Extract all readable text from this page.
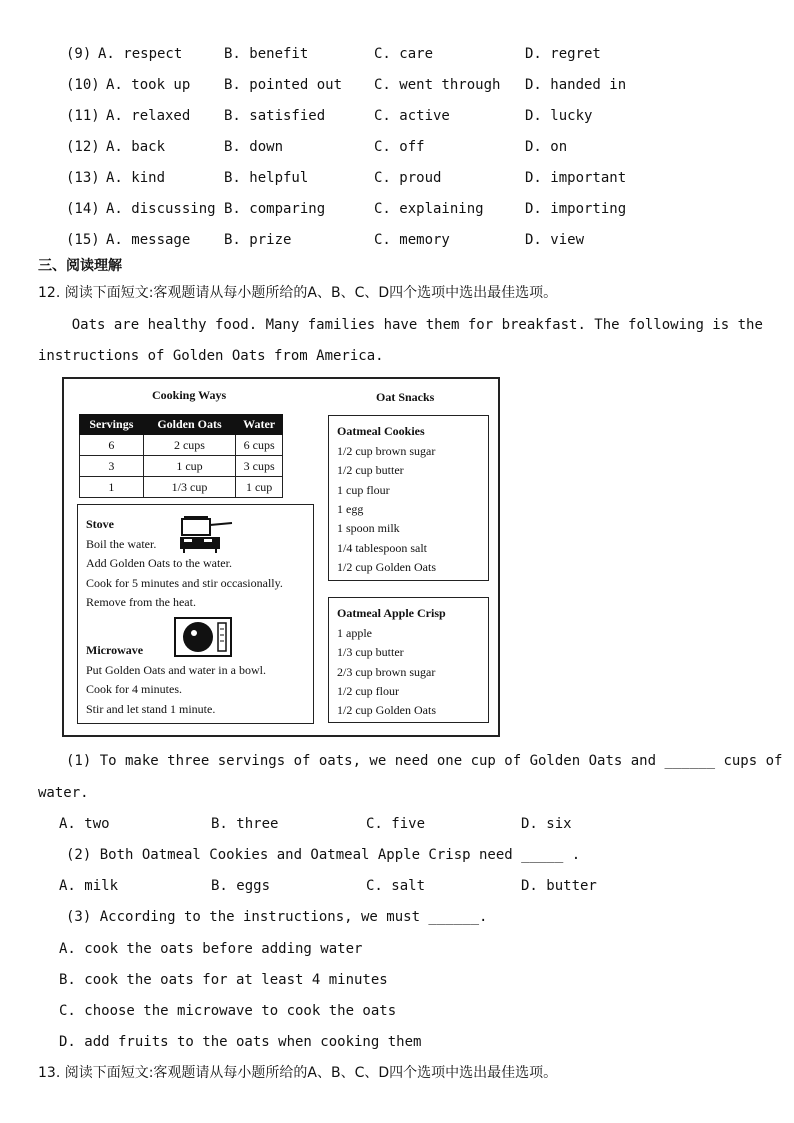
(9) A. respect	B. benefit	C. care	D. regret
(10) A. took up B. pointed out C. went through D. handed in
(11) A. relaxed B. satisfied	C. active	D. lucky
(12) A. back	B. down	C. off	D. on
(13) A. kind	B. helpful	C. proud	D. important
(14) A. discussing B. comparing	C. explaining	D. importing
(15) A. message B. prize	C. memory	D. view
三、阅读理解
12. 阅读下面短文:客观题请从每小题所给的A、B、C、D四个选项中选出最佳选项。
Oats are healthy food. Many families have them for breakfast. The following is the
instructions of Golden Oats from America.
Cooking Ways	Oat Snacks
Servings	Golden Oats	Water
6	2 cups	6 cups
3	1 cup	3 cups
1	1/3 cup	1 cup
Stove
Boil the water.
Add Golden Oats to the water.
Cook for 5 minutes and stir occasionally.
Remove from the heat.
Microwave
Put Golden Oats and water in a bowl.
Cook for 4 minutes.
Stir and let stand 1 minute.
Oatmeal Cookies
1/2 cup brown sugar
1/2 cup butter
1 cup flour
1 egg
1 spoon milk
1/4 tablespoon salt
1/2 cup Golden Oats
Oatmeal Apple Crisp
1 apple
1/3 cup butter
2/3 cup brown sugar
1/2 cup flour
1/2 cup Golden Oats
(1) To make three servings of oats, we need one cup of Golden Oats and ______ cups of
water.
A. two	B. three	C. five	D. six
(2) Both Oatmeal Cookies and Oatmeal Apple Crisp need _____ .
A. milk	B. eggs	C. salt	D. butter
(3) According to the instructions, we must ______.
A. cook the oats before adding water
B. cook the oats for at least 4 minutes
C. choose the microwave to cook the oats
D. add fruits to the oats when cooking them
13. 阅读下面短文:客观题请从每小题所给的A、B、C、D四个选项中选出最佳选项。
